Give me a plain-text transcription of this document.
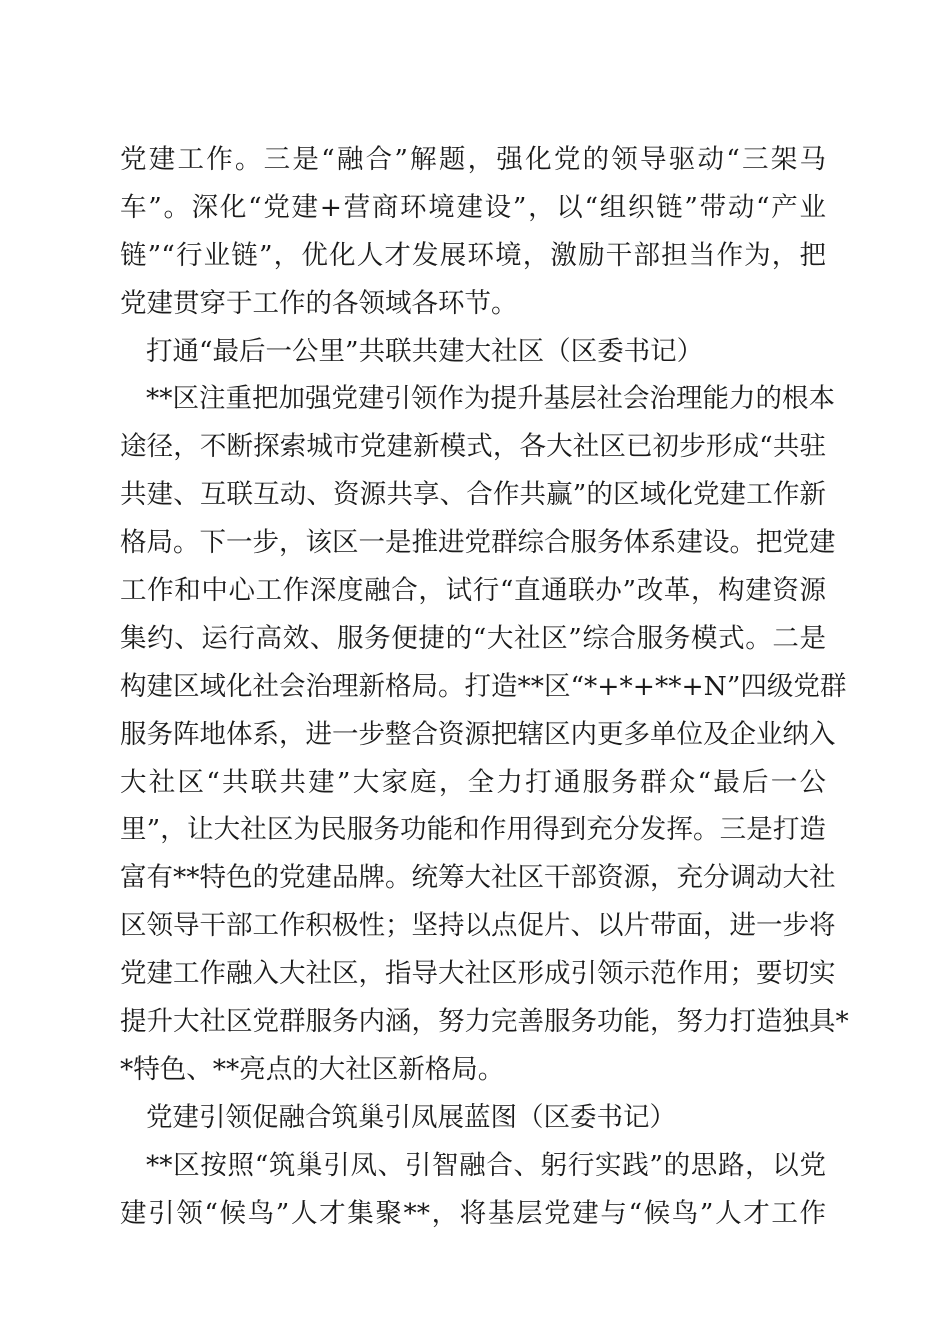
党建工作。三是“融合”解题，强化党的领导驱动“三架马
车”。深化“党建+营商环境建设”，以“组织链”带动“产业
链”“行业链”，优化人才发展环境，激励干部担当作为，把
党建贯穿于工作的各领域各环节。
打通“最后一公里”共联共建大社区（区委书记）
**区注重把加强党建引领作为提升基层社会治理能力的根本
途径，不断探索城市党建新模式，各大社区已初步形成“共驻
共建、互联互动、资源共享、合作共赢”的区域化党建工作新
格局。下一步，该区一是推进党群综合服务体系建设。把党建
工作和中心工作深度融合，试行“直通联办”改革，构建资源
集约、运行高效、服务便捷的“大社区”综合服务模式。二是
构建区域化社会治理新格局。打造**区“*+*+**+N”四级党群
服务阵地体系，进一步整合资源把辖区内更多单位及企业纳入
大社区“共联共建”大家庭，全力打通服务群众“最后一公
里”，让大社区为民服务功能和作用得到充分发挥。三是打造
富有**特色的党建品牌。统筹大社区干部资源，充分调动大社
区领导干部工作积极性；坚持以点促片、以片带面，进一步将
党建工作融入大社区，指导大社区形成引领示范作用；要切实
提升大社区党群服务内涵，努力完善服务功能，努力打造独具*
*特色、**亮点的大社区新格局。
党建引领促融合筑巢引凤展蓝图（区委书记）
**区按照“筑巢引凤、引智融合、躬行实践”的思路，以党
建引领“候鸟”人才集聚**，将基层党建与“候鸟”人才工作
